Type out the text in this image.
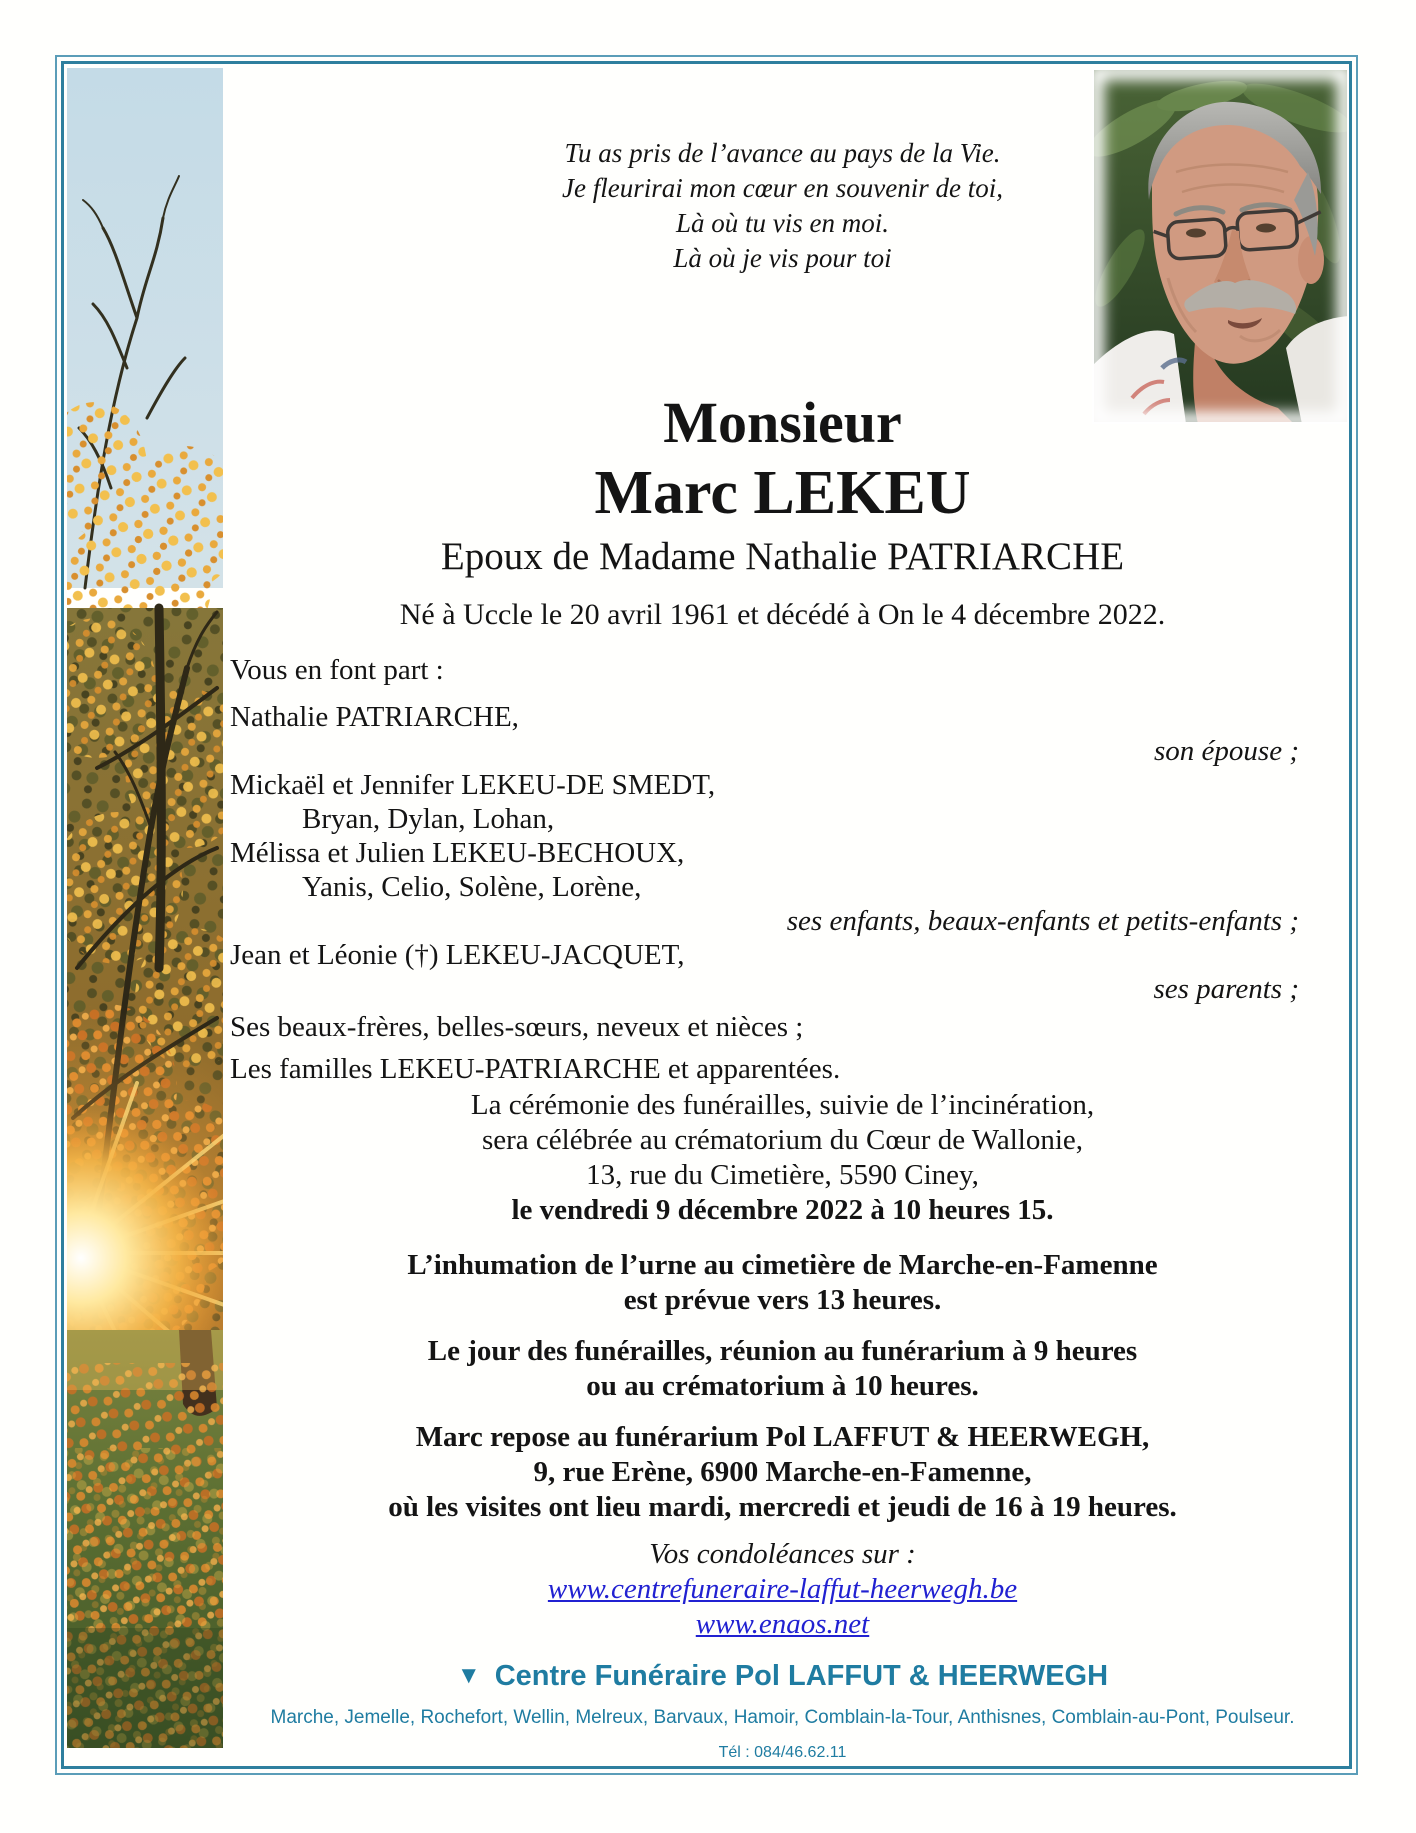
Tu as pris de l’avance au pays de la Vie.
Je fleurirai mon cœur en souvenir de toi,
Là où tu vis en moi.
Là où je vis pour toi
Monsieur
Marc LEKEU
Epoux de Madame Nathalie PATRIARCHE
Né à Uccle le 20 avril 1961 et décédé à On le 4 décembre 2022.
Vous en font part :
Nathalie PATRIARCHE,
son épouse ;
Mickaël et Jennifer LEKEU-DE SMEDT,
Bryan, Dylan, Lohan,
Mélissa et Julien LEKEU-BECHOUX,
Yanis, Celio, Solène, Lorène,
ses enfants, beaux-enfants et petits-enfants ;
Jean et Léonie (†) LEKEU-JACQUET,
ses parents ;
Ses beaux-frères, belles-sœurs, neveux et nièces ;
Les familles LEKEU-PATRIARCHE et apparentées.
La cérémonie des funérailles, suivie de l’incinération,
sera célébrée au crématorium du Cœur de Wallonie,
13, rue du Cimetière, 5590 Ciney,
le vendredi 9 décembre 2022 à 10 heures 15.
L’inhumation de l’urne au cimetière de Marche-en-Famenne
est prévue vers 13 heures.
Le jour des funérailles, réunion au funérarium à 9 heures
ou au crématorium à 10 heures.
Marc repose au funérarium Pol LAFFUT & HEERWEGH,
9, rue Erène, 6900 Marche-en-Famenne,
où les visites ont lieu mardi, mercredi et jeudi de 16 à 19 heures.
Vos condoléances sur :
www.centrefuneraire-laffut-heerwegh.be
www.enaos.net
▼ Centre Funéraire Pol LAFFUT & HEERWEGH
Marche, Jemelle, Rochefort, Wellin, Melreux, Barvaux, Hamoir, Comblain-la-Tour, Anthisnes, Comblain-au-Pont, Poulseur.
Tél : 084/46.62.11
